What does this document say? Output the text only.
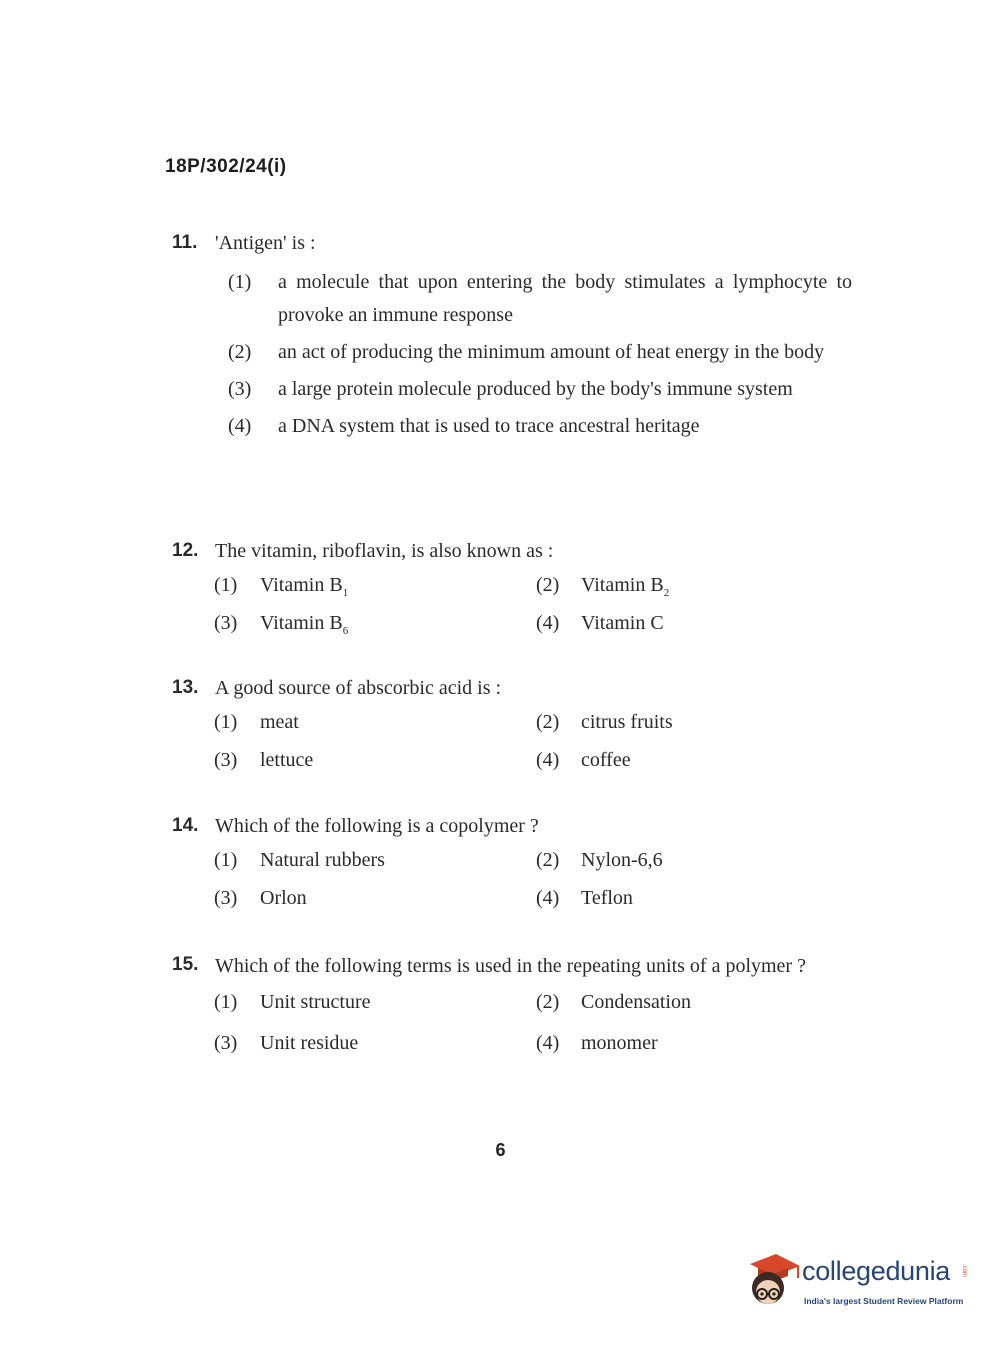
18P/302/24(i)
11. 'Antigen' is :
(1) a molecule that upon entering the body stimulates a lymphocyte to provoke an immune response
(2) an act of producing the minimum amount of heat energy in the body
(3) a large protein molecule produced by the body's immune system
(4) a DNA system that is used to trace ancestral heritage
12. The vitamin, riboflavin, is also known as :
(1) Vitamin $B_1$	(2) Vitamin $B_2$
(3) Vitamin $B_6$	(4) Vitamin C
13. A good source of abscorbic acid is :
(1) meat	(2) citrus fruits
(3) lettuce	(4) coffee
14. Which of the following is a copolymer ?
(1) Natural rubbers	(2) Nylon-6,6
(3) Orlon	(4) Teflon
15. Which of the following terms is used in the repeating units of a polymer ?
(1) Unit structure	(2) Condensation
(3) Unit residue	(4) monomer
6
collegedunia .com
India's largest Student Review Platform
